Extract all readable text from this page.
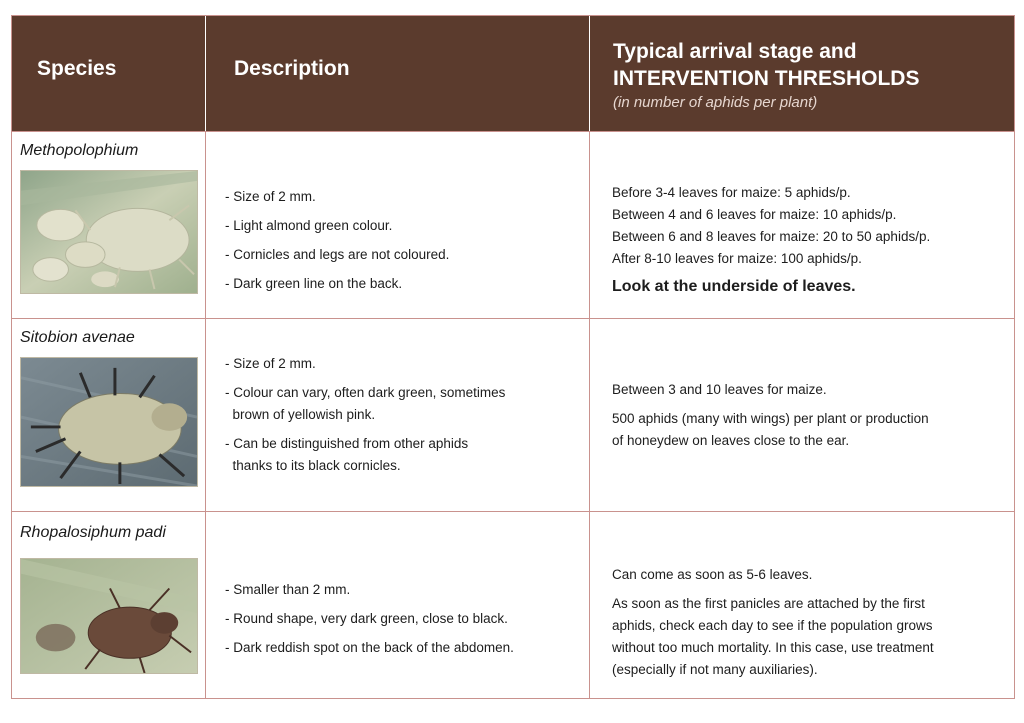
Species	Description
Typical arrival stage and
INTERVENTION THRESHOLDS
(in number of aphids per plant)
Methopolophium
- Size of 2 mm.
- Light almond green colour.
- Cornicles and legs are not coloured.
- Dark green line on the back.
Before 3-4 leaves for maize: 5 aphids/p.
Between 4 and 6 leaves for maize: 10 aphids/p.
Between 6 and 8 leaves for maize: 20 to 50 aphids/p.
After 8-10 leaves for maize: 100 aphids/p.
Look at the underside of leaves.
Sitobion avenae
- Size of 2 mm.
- Colour can vary, often dark green, sometimes
brown of yellowish pink.
- Can be distinguished from other aphids
thanks to its black cornicles.
Between 3 and 10 leaves for maize.
500 aphids (many with wings) per plant or production
of honeydew on leaves close to the ear.
Rhopalosiphum padi
- Smaller than 2 mm.
- Round shape, very dark green, close to black.
- Dark reddish spot on the back of the abdomen.
Can come as soon as 5-6 leaves.
As soon as the first panicles are attached by the first
aphids, check each day to see if the population grows
without too much mortality. In this case, use treatment
(especially if not many auxiliaries).
